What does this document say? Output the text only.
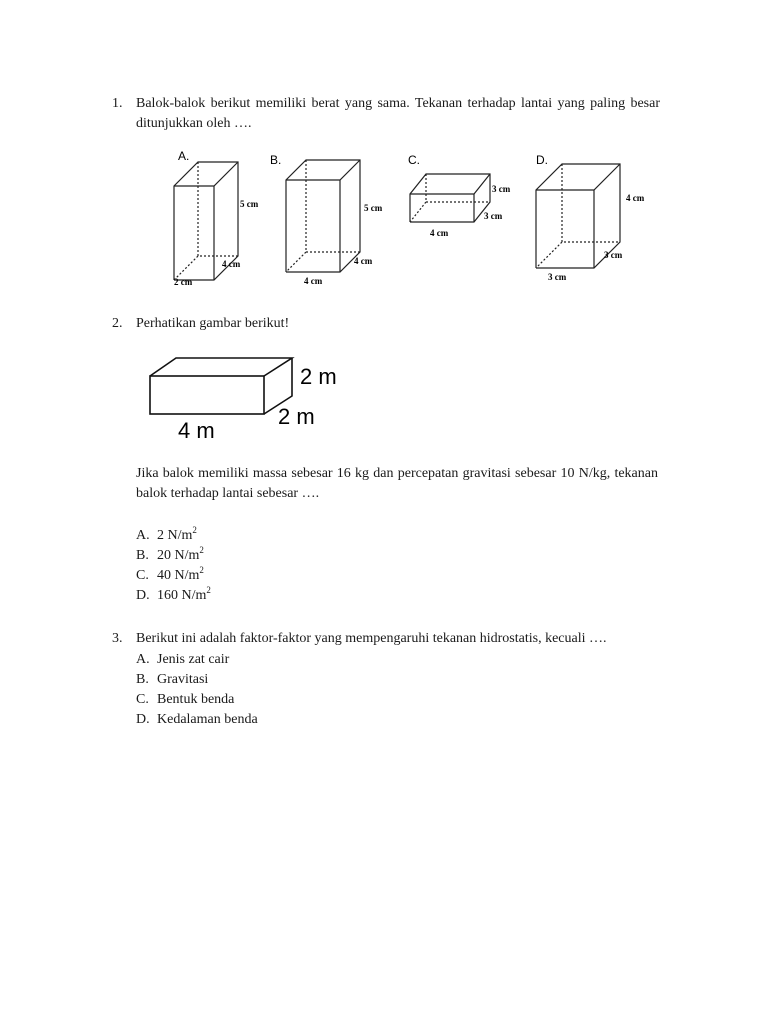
1. Balok-balok berikut memiliki berat yang sama. Tekanan terhadap lantai yang paling besar ditunjukkan oleh ….
A.	B.	C.	D.
5 cm
4 cm
2 cm
5 cm
4 cm
4 cm
3 cm
3 cm
4 cm
4 cm
3 cm
3 cm
2. Perhatikan gambar berikut!
2 m
2 m
4 m
Jika balok memiliki massa sebesar 16 kg dan percepatan gravitasi sebesar 10 N/kg, tekanan balok terhadap lantai sebesar ….
A. 2 $N/m^2$
B. 20 $N/m^2$
C. 40 $N/m^2$
D. 160 $N/m^2$
3. Berikut ini adalah faktor-faktor yang mempengaruhi tekanan hidrostatis, kecuali ….
A. Jenis zat cair
B. Gravitasi
C. Bentuk benda
D. Kedalaman benda
